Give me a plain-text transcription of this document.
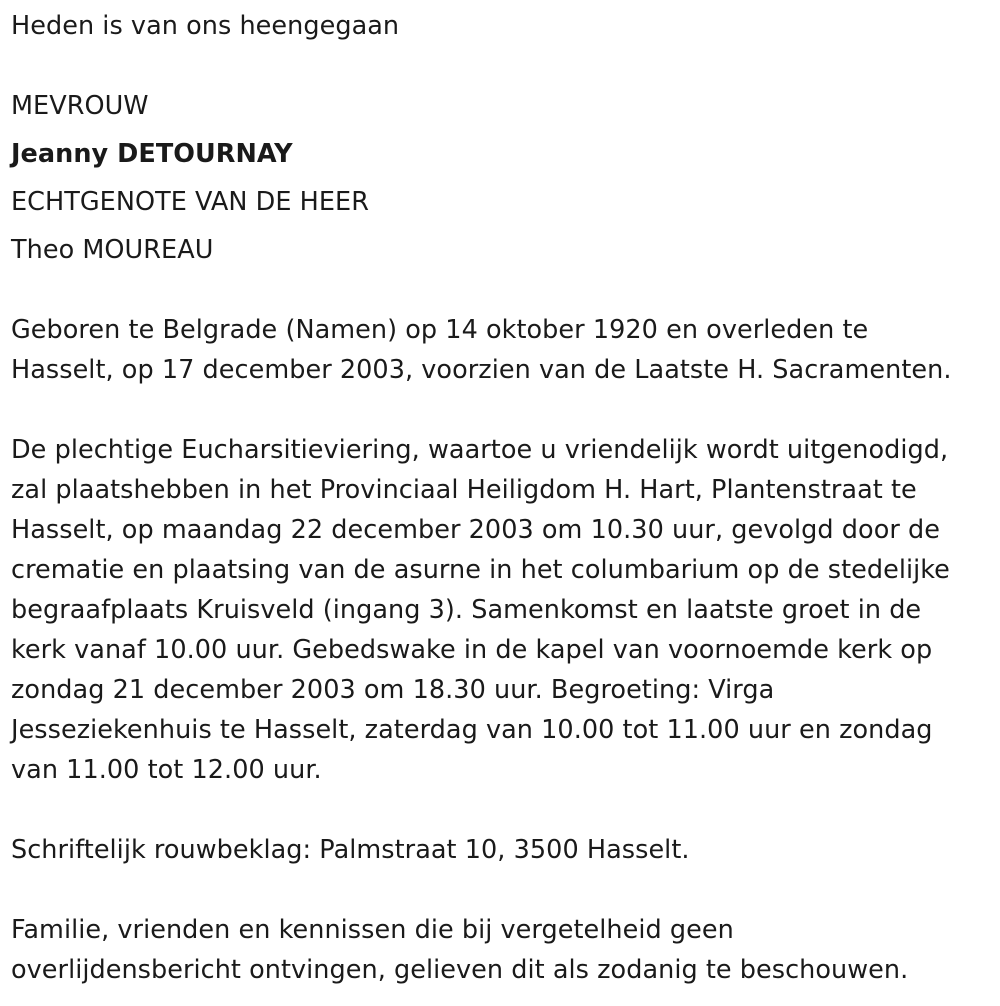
Heden is van ons heengegaan

MEVROUW

Jeanny DETOURNAY

ECHTGENOTE VAN DE HEER

Theo MOUREAU

Geboren te Belgrade (Namen) op 14 oktober 1920 en overleden te

Hasselt, op 17 december 2003, voorzien van de Laatste H. Sacramenten.

De plechtige Eucharsitieviering, waartoe u vriendelijk wordt uitgenodigd,

zal plaatshebben in het Provinciaal Heiligdom H. Hart, Plantenstraat te

Hasselt, op maandag 22 december 2003 om 10.30 uur, gevolgd door de

crematie en plaatsing van de asurne in het columbarium op de stedelijke

begraafplaats Kruisveld (ingang 3). Samenkomst en laatste groet in de

kerk vanaf 10.00 uur. Gebedswake in de kapel van voornoemde kerk op

zondag 21 december 2003 om 18.30 uur. Begroeting: Virga

Jesseziekenhuis te Hasselt, zaterdag van 10.00 tot 11.00 uur en zondag

van 11.00 tot 12.00 uur.

Schriftelijk rouwbeklag: Palmstraat 10, 3500 Hasselt.

Familie, vrienden en kennissen die bij vergetelheid geen

overlijdensbericht ontvingen, gelieven dit als zodanig te beschouwen.
